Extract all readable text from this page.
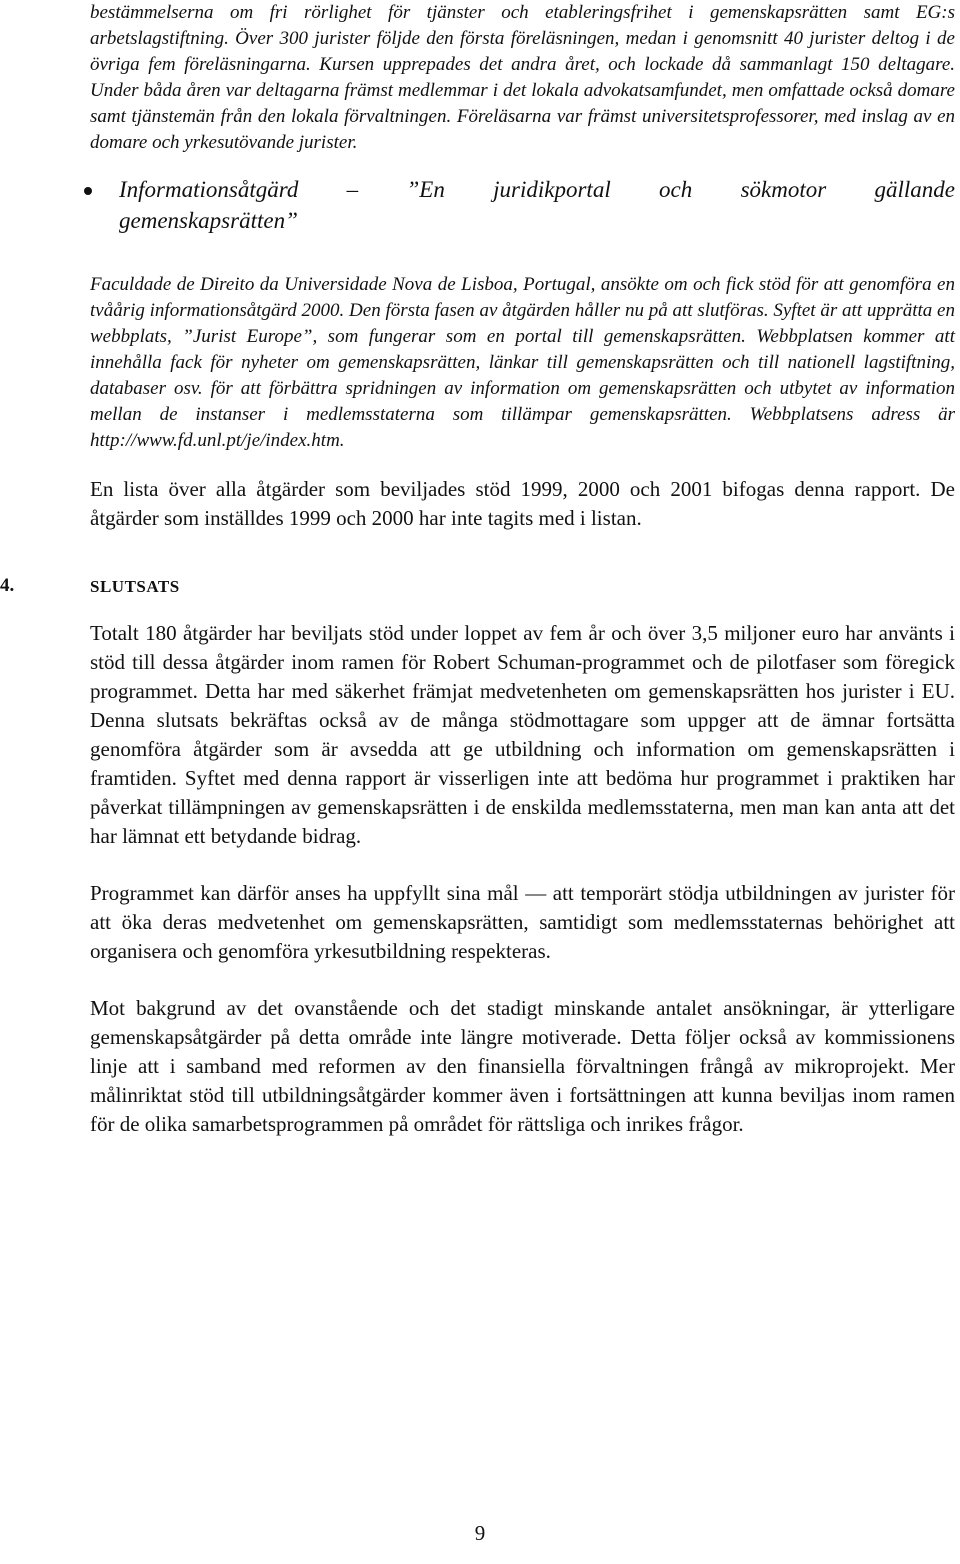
bestämmelserna om fri rörlighet för tjänster och etableringsfrihet i gemenskapsrätten samt EG:s arbetslagstiftning. Över 300 jurister följde den första föreläsningen, medan i genomsnitt 40 jurister deltog i de övriga fem föreläsningarna. Kursen upprepades det andra året, och lockade då sammanlagt 150 deltagare. Under båda åren var deltagarna främst medlemmar i det lokala advokatsamfundet, men omfattade också domare samt tjänstemän från den lokala förvaltningen. Föreläsarna var främst universitetsprofessorer, med inslag av en domare och yrkesutövande jurister.

Informationsåtgärd – ”En juridikportal och sökmotor gällande
gemenskapsrätten”

Faculdade de Direito da Universidade Nova de Lisboa, Portugal, ansökte om och fick stöd för att genomföra en tvåårig informationsåtgärd 2000. Den första fasen av åtgärden håller nu på att slutföras. Syftet är att upprätta en webbplats, ”Jurist Europe”, som fungerar som en portal till gemenskapsrätten. Webbplatsen kommer att innehålla fack för nyheter om gemenskapsrätten, länkar till gemenskapsrätten och till nationell lagstiftning, databaser osv. för att förbättra spridningen av information om gemenskapsrätten och utbytet av information mellan de instanser i medlemsstaterna som tillämpar gemenskapsrätten. Webbplatsens adress är http://www.fd.unl.pt/je/index.htm.

En lista över alla åtgärder som beviljades stöd 1999, 2000 och 2001 bifogas denna rapport. De åtgärder som inställdes 1999 och 2000 har inte tagits med i listan.

4.	SLUTSATS

Totalt 180 åtgärder har beviljats stöd under loppet av fem år och över 3,5 miljoner euro har använts i stöd till dessa åtgärder inom ramen för Robert Schuman-programmet och de pilotfaser som föregick programmet. Detta har med säkerhet främjat medvetenheten om gemenskapsrätten hos jurister i EU. Denna slutsats bekräftas också av de många stödmottagare som uppger att de ämnar fortsätta genomföra åtgärder som är avsedda att ge utbildning och information om gemenskapsrätten i framtiden. Syftet med denna rapport är visserligen inte att bedöma hur programmet i praktiken har påverkat tillämpningen av gemenskapsrätten i de enskilda medlemsstaterna, men man kan anta att det har lämnat ett betydande bidrag.

Programmet kan därför anses ha uppfyllt sina mål — att temporärt stödja utbildningen av jurister för att öka deras medvetenhet om gemenskapsrätten, samtidigt som medlemsstaternas behörighet att organisera och genomföra yrkesutbildning respekteras.

Mot bakgrund av det ovanstående och det stadigt minskande antalet ansökningar, är ytterligare gemenskapsåtgärder på detta område inte längre motiverade. Detta följer också av kommissionens linje att i samband med reformen av den finansiella förvaltningen frångå av mikroprojekt. Mer målinriktat stöd till utbildningsåtgärder kommer även i fortsättningen att kunna beviljas inom ramen för de olika samarbetsprogrammen på området för rättsliga och inrikes frågor.

9
